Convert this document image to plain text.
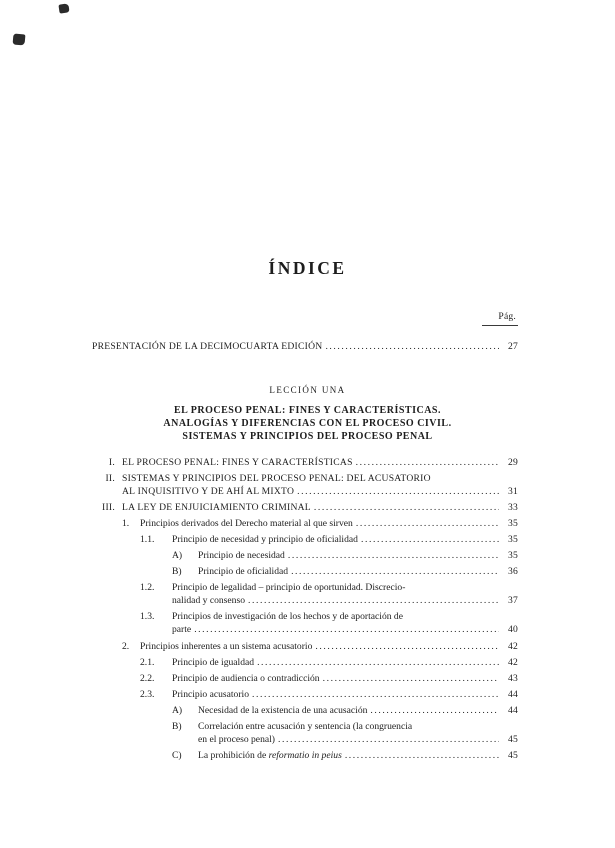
ÍNDICE
Pág.
PRESENTACIÓN DE LA DECIMOCUARTA EDICIÓN .....	27
LECCIÓN UNA
EL PROCESO PENAL: FINES Y CARACTERÍSTICAS.
ANALOGÍAS Y DIFERENCIAS CON EL PROCESO CIVIL.
SISTEMAS Y PRINCIPIOS DEL PROCESO PENAL
I. EL PROCESO PENAL: FINES Y CARACTERÍSTICAS .....	29
II. SISTEMAS Y PRINCIPIOS DEL PROCESO PENAL: DEL ACUSATORIO
AL INQUISITIVO Y DE AHÍ AL MIXTO .....	31
III. LA LEY DE ENJUICIAMIENTO CRIMINAL .....	33
1. Principios derivados del Derecho material al que sirven .....	35
1.1. Principio de necesidad y principio de oficialidad .....	35
A) Principio de necesidad .....	35
B) Principio de oficialidad .....	36
1.2. Principio de legalidad – principio de oportunidad. Discrecio-
nalidad y consenso .....	37
1.3. Principios de investigación de los hechos y de aportación de
parte .....	40
2. Principios inherentes a un sistema acusatorio .....	42
2.1. Principio de igualdad .....	42
2.2. Principio de audiencia o contradicción .....	43
2.3. Principio acusatorio .....	44
A) Necesidad de la existencia de una acusación .....	44
B) Correlación entre acusación y sentencia (la congruencia
en el proceso penal) .....	45
C) La prohibición de reformatio in peius .....	45
